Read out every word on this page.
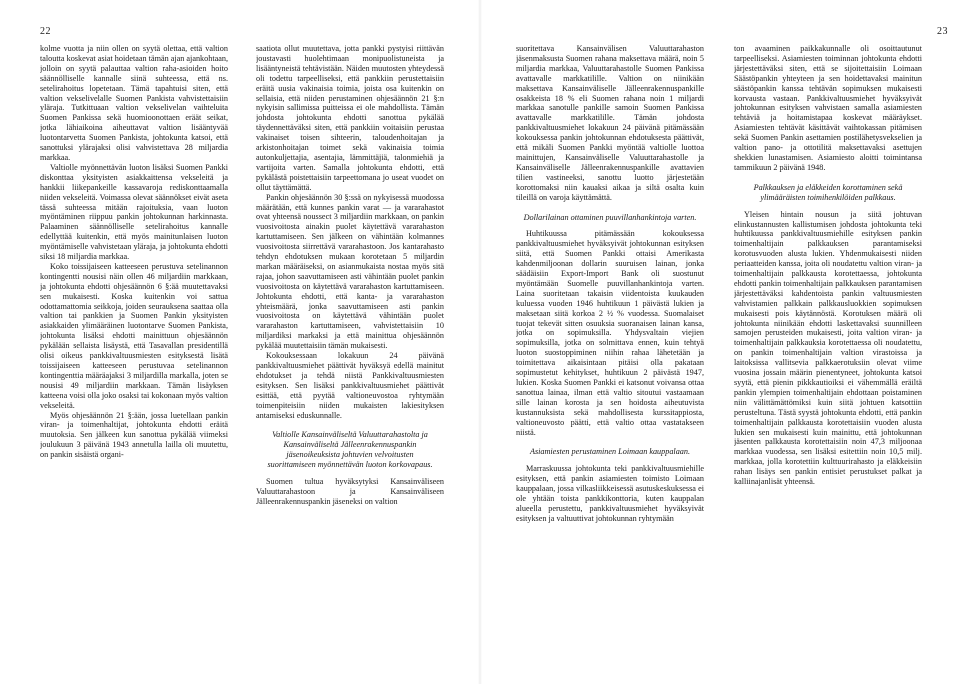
22

kolme vuotta ja niin ollen on syytä olettaa, että valtion taloutta koskevat asiat hoidetaan tämän ajan ajankohtaan, jolloin on syytä palauttaa valtion raha-asioiden hoito säännölliselle kannalle siinä suhteessa, että ns. setelirahoitus lopetetaan. Tämä tapahtuisi siten, että valtion vekselivelalle Suomen Pankista vahvistettaisiin yläraja. Tutkittuaan valtion vekselivelan vaihteluita Suomen Pankissa sekä huomioonottaen eräät seikat, jotka lähiaikoina aiheuttavat valtion lisääntyvää luotontarvetta Suomen Pankista, johtokunta katsoi, että sanottuksi ylärajaksi olisi vahvistettava 28 miljardia markkaa.

Valtiolle myönnettävän luoton lisäksi Suomen Pankki diskonttaa yksityisten asiakkaittensa vekseleitä ja hankkii liikepankeille kassavaroja rediskonttaamalla niiden vekseleitä. Voimassa olevat säännökset eivät aseta tässä suhteessa mitään rajoituksia, vaan luoton myöntäminen riippuu pankin johtokunnan harkinnasta. Palaaminen säännölliselle setelirahoitus kannalle edellyttää kuitenkin, että myös mainitunlaisen luoton myöntämiselle vahvistetaan yläraja, ja johtokunta ehdotti siksi 18 miljardia markkaa.

Koko toissijaiseen katteeseen perustuva setelinannon kontingentti nousisi näin ollen 46 miljardiin markkaan, ja johtokunta ehdotti ohjesäännön 6 §:ää muutettavaksi sen mukaisesti. Koska kuitenkin voi sattua odottamattomia seikkoja, joiden seurauksena saattaa olla valtion tai pankkien ja Suomen Pankin yksityisten asiakkaiden ylimääräinen luotontarve Suomen Pankista, johtokunta lisäksi ehdotti mainittuun ohjesäännön pykälään sellaista lisäystä, että Tasavallan presidentillä olisi oikeus pankkivaltuusmiesten esityksestä lisätä toissijaiseen katteeseen perustuvaa setelinannon kontingenttia määräajaksi 3 miljardilla markalla, joten se nousisi 49 miljardiin markkaan. Tämän lisäyksen katteena voisi olla joko osaksi tai kokonaan myös valtion vekseleitä.

Myös ohjesäännön 21 §:ään, jossa luetellaan pankin viran- ja toimenhaltijat, johtokunta ehdotti eräitä muutoksia. Sen jälkeen kun sanottua pykälää viimeksi joulukuun 3 päivänä 1943 annetulla lailla oli muutettu, on pankin sisäistä organi-

saatiota ollut muutettava, jotta pankki pystyisi riittävän joustavasti huolehtimaan monipuolistuneista ja lisääntyneistä tehtävistään. Näiden muutosten yhteydessä oli todettu tarpeelliseksi, että pankkiin perustettaisiin eräitä uusia vakinaisia toimia, joista osa kuitenkin on sellaisia, että niiden perustaminen ohjesäännön 21 §:n nykyisin sallimissa puitteissa ei ole mahdollista. Tämän johdosta johtokunta ehdotti sanottua pykälää täydennettäväksi siten, että pankkiin voitaisiin perustaa vakinaiset toisen sihteerin, taloudenhoitajan ja arkistonhoitajan toimet sekä vakinaisia toimia autonkuljettajia, asentajia, lämmittäjiä, talonmiehiä ja vartijoita varten. Samalla johtokunta ehdotti, että pykälästä poistettaisiin tarpeettomana jo useat vuodet on ollut täyttämättä.

Pankin ohjesäännön 30 §:ssä on nykyisessä muodossa määrätään, että kunnes pankin varat — ja vararahastot ovat yhteensä noussect 3 miljardiin markkaan, on pankin vuosivoitosta ainakin puolet käytettävä vararahaston kartuttamiseen. Sen jälkeen on vähintään kolmannes vuosivoitosta siirrettävä vararahastoon. Jos kantarahasto tehdyn ehdotuksen mukaan korotetaan 5 miljardin markan määräiseksi, on asianmukaista nostaa myös sitä rajaa, johon saavuttamiseen asti vähintään puolet pankin vuosivoitosta on käytettävä vararahaston kartuttamiseen. Johtokunta ehdotti, että kanta- ja vararahaston yhteismäärä, jonka saavuttamiseen asti pankin vuosivoitosta on käytettävä vähintään puolet vararahaston kartuttamiseen, vahvistettaisiin 10 miljardiksi markaksi ja että mainittua ohjesäännön pykälää muutettaisiin tämän mukaisesti.

Kokouksessaan lokakuun 24 päivänä pankkivaltuusmiehet päättivät hyväksyä edellä mainitut ehdotukset ja tehdä niistä Pankkivaltuusmiesten esityksen. Sen lisäksi pankkivaltuusmiehet päättivät esittää, että pyytää valtioneuvostoa ryhtymään toimenpiteisiin niiden mukaisten lakiesityksen antamiseksi eduskunnalle.

Valtiolle Kansainväliseltä Valuuttarahastolta ja Kansainväliseltä Jälleenrakennuspankin jäsenoikeuksista johtuvien velvoitusten suorittamiseen myönnettävän luoton korkovapaus.

Suomen tultua hyväksytyksi Kansainväliseen Valuuttarahastoon ja Kansainväliseen Jälleenrakennuspankin jäseneksi on valtion

23

suoritettava Kansainvälisen Valuuttarahaston jäsenmaksusta Suomen rahana maksettava määrä, noin 5 miljardia markkaa, Valuuttarahastolle Suomen Pankissa avattavalle markkatilille. Valtion on niinikään maksettava Kansainväliselle Jälleenrakennuspankille osakkeista 18 % eli Suomen rahana noin 1 miljardi markkaa sanotulle pankille samoin Suomen Pankissa avattavalle markkatilille. Tämän johdosta pankkivaltuusmiehet lokakuun 24 päivänä pitämässään kokouksessa pankin johtokunnan ehdotuksesta päättivät, että mikäli Suomen Pankki myöntää valtiolle luottoa mainittujen, Kansainväliselle Valuuttarahastolle ja Kansainväliselle Jälleenrakennuspankille avattavien tilien vastineeksi, sanottu luotto järjestetään korottomaksi niin kauaksi aikaa ja siltä osalta kuin tileillä on varoja käyttämättä.

Dollarilainan ottaminen puuvillanhankintoja varten.

Huhtikuussa pitämässään kokouksessa pankkivaltuusmiehet hyväksyivät johtokunnan esityksen siitä, että Suomen Pankki ottaisi Amerikasta kahdenmiljoonan dollarin suuruisen lainan, jonka säädäisiin Export-Import Bank oli suostunut myöntämään Suomelle puuvillanhankintoja varten. Laina suoritetaan takaisin viidentoista kuukauden kuluessa vuoden 1946 huhtikuun 1 päivästä lukien ja maksetaan siitä korkoa 2 ½ % vuodessa. Suomalaiset tuojat tekevät sitten osuuksia suoranaisen lainan kansa, jotka on sopimuksilla. Yhdysvaltain viejien sopimuksilla, jotka on solmittava ennen, kuin tehtyä luoton suostoppiminen niihin rahaa lähetetään ja toimitettava aikaisintaan pitäisi olla pakataan sopimustetut kehitykset, huhtikuun 2 päivästä 1947, lukien. Koska Suomen Pankki ei katsonut voivansa ottaa sanottua lainaa, ilman että valtio sitoutui vastaamaan sille lainan korosta ja sen hoidosta aiheutuvista kustannuksista sekä mahdollisesta kurssitappiosta, valtioneuvosto päätti, että valtio ottaa vastatakseen niistä.

Asiamiesten perustaminen Loimaan kauppalaan.

Marraskuussa johtokunta teki pankkivaltuusmiehille esityksen, että pankin asiamiesten toimisto Loimaan kauppalaan, jossa vilkasliikkeisessä asutuskeskuksessa ei ole yhtään toista pankkikonttoria, kuten kauppalan alueella perustettu, pankkivaltuusmiehet hyväksyivät esityksen ja valtuuttivat johtokunnan ryhtymään

ton avaaminen paikkakunnalle oli osoittautunut tarpeelliseksi. Asiamiesten toiminnan johtokunta ehdotti järjestettäväksi siten, että se sijoitettaisiin Loimaan Säästöpankin yhteyteen ja sen hoidettavaksi mainitun säästöpankin kanssa tehtävän sopimuksen mukaisesti korvausta vastaan. Pankkivaltuusmiehet hyväksyivät johtokunnan esityksen vahvistaen samalla asiamiesten tehtäviä ja hoitamistapaa koskevat määräykset. Asiamiesten tehtävät käsittävät vaihtokassan pitämisen sekä Suomen Pankin asettamien postilähetysvekselien ja valtion pano- ja ottotilitä maksettavaksi asettujen shekkien lunastamisen. Asiamiesto aloitti toimintansa tammikuun 2 päivänä 1948.

Palkkauksen ja eläkkeiden korottaminen sekä ylimääräisten toimihenkilöiden palkkaus.

Yleisen hintain nousun ja siitä johtuvan elinkustannusten kallistumisen johdosta johtokunta teki huhtikuussa pankkivaltuusmiehille esityksen pankin toimenhaltijain palkkauksen parantamiseksi korotusvuoden alusta lukien. Yhdenmukaisesti niiden periaatteiden kanssa, joita oli noudatettu valtion viran- ja toimenhaltijain palkkausta korotettaessa, johtokunta ehdotti pankin toimenhaltijain palkkauksen parantamisen järjestettäväksi kahdentoista pankin valtuusmiesten vahvistamien palkkain palkkausluokkien sopimuksen mukaisesti pois käytännöstä. Korotuksen määrä oli johtokunta niinikään ehdotti laskettavaksi suunnilleen samojen perusteiden mukaisesti, joita valtion viran- ja toimenhaltijain palkkauksia korotettaessa oli noudatettu, on pankin toimenhaltijain valtion virastoissa ja laitoksissa vallitsevia palkkaerotuksiin olevat viime vuosina jossain määrin pienentyneet, johtokunta katsoi syytä, että pienin pikkkautioiksi ei vähemmällä eräiltä pankin ylempien toimenhaltijain ehdottaan poistaminen niin välittämättömiksi kuin siitä johtuen katsottiin perusteltuna. Tästä syystä johtokunta ehdotti, että pankin toimenhaltijain palkkausta korotettaisiin vuoden alusta lukien sen mukaisesti kuin mainittu, että johtokunnan jäsenten palkkausta korotettaisiin noin 47,3 miljoonaa markkaa vuodessa, sen lisäksi esitettiin noin 10,5 milj. markkaa, jolla korotettiin kulttuurirahasto ja eläkkeisiin rahan lisäys sen pankin entisiet perustukset palkat ja kalliinajanlisät yhteensä.
